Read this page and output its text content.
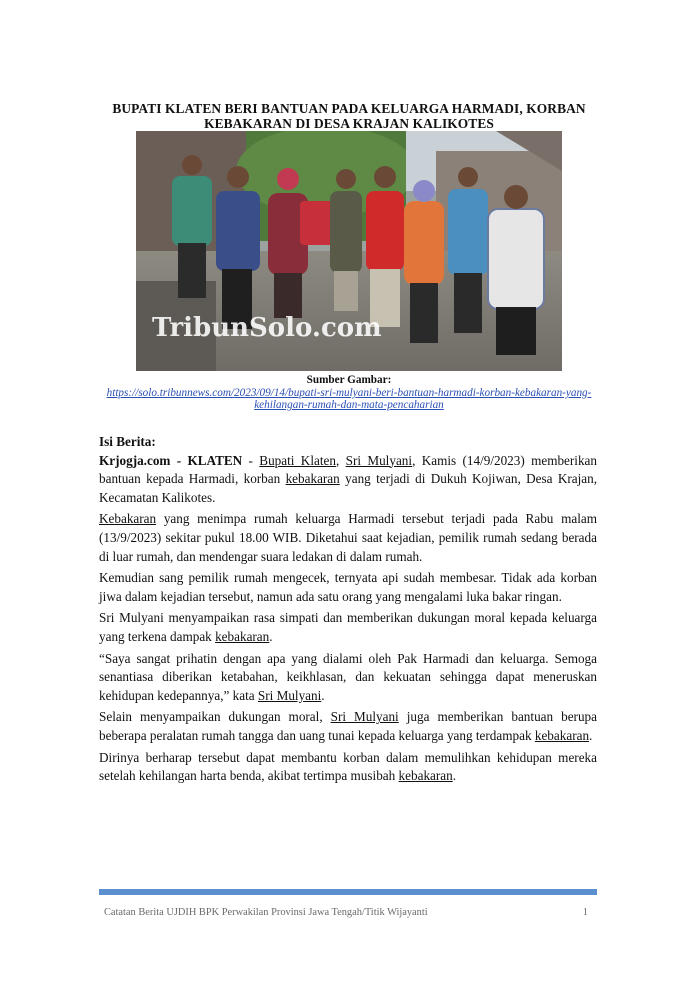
BUPATI KLATEN BERI BANTUAN PADA KELUARGA HARMADI, KORBAN KEBAKARAN DI DESA KRAJAN KALIKOTES
TribunSolo.com
Sumber Gambar:
https://solo.tribunnews.com/2023/09/14/bupati-sri-mulyani-beri-bantuan-harmadi-korban-kebakaran-yang-kehilangan-rumah-dan-mata-pencaharian

Isi Berita:

Krjogja.com - KLATEN - Bupati Klaten, Sri Mulyani, Kamis (14/9/2023) memberikan bantuan kepada Harmadi, korban kebakaran yang terjadi di Dukuh Kojiwan, Desa Krajan, Kecamatan Kalikotes.

Kebakaran yang menimpa rumah keluarga Harmadi tersebut terjadi pada Rabu malam (13/9/2023) sekitar pukul 18.00 WIB. Diketahui saat kejadian, pemilik rumah sedang berada di luar rumah, dan mendengar suara ledakan di dalam rumah.

Kemudian sang pemilik rumah mengecek, ternyata api sudah membesar. Tidak ada korban jiwa dalam kejadian tersebut, namun ada satu orang yang mengalami luka bakar ringan.

Sri Mulyani menyampaikan rasa simpati dan memberikan dukungan moral kepada keluarga yang terkena dampak kebakaran.

“Saya sangat prihatin dengan apa yang dialami oleh Pak Harmadi dan keluarga. Semoga senantiasa diberikan ketabahan, keikhlasan, dan kekuatan sehingga dapat meneruskan kehidupan kedepannya,” kata Sri Mulyani.

Selain menyampaikan dukungan moral, Sri Mulyani juga memberikan bantuan berupa beberapa peralatan rumah tangga dan uang tunai kepada keluarga yang terdampak kebakaran.

Dirinya berharap tersebut dapat membantu korban dalam memulihkan kehidupan mereka setelah kehilangan harta benda, akibat tertimpa musibah kebakaran.

Catatan Berita UJDIH BPK Perwakilan Provinsi Jawa Tengah/Titik Wijayanti	1
